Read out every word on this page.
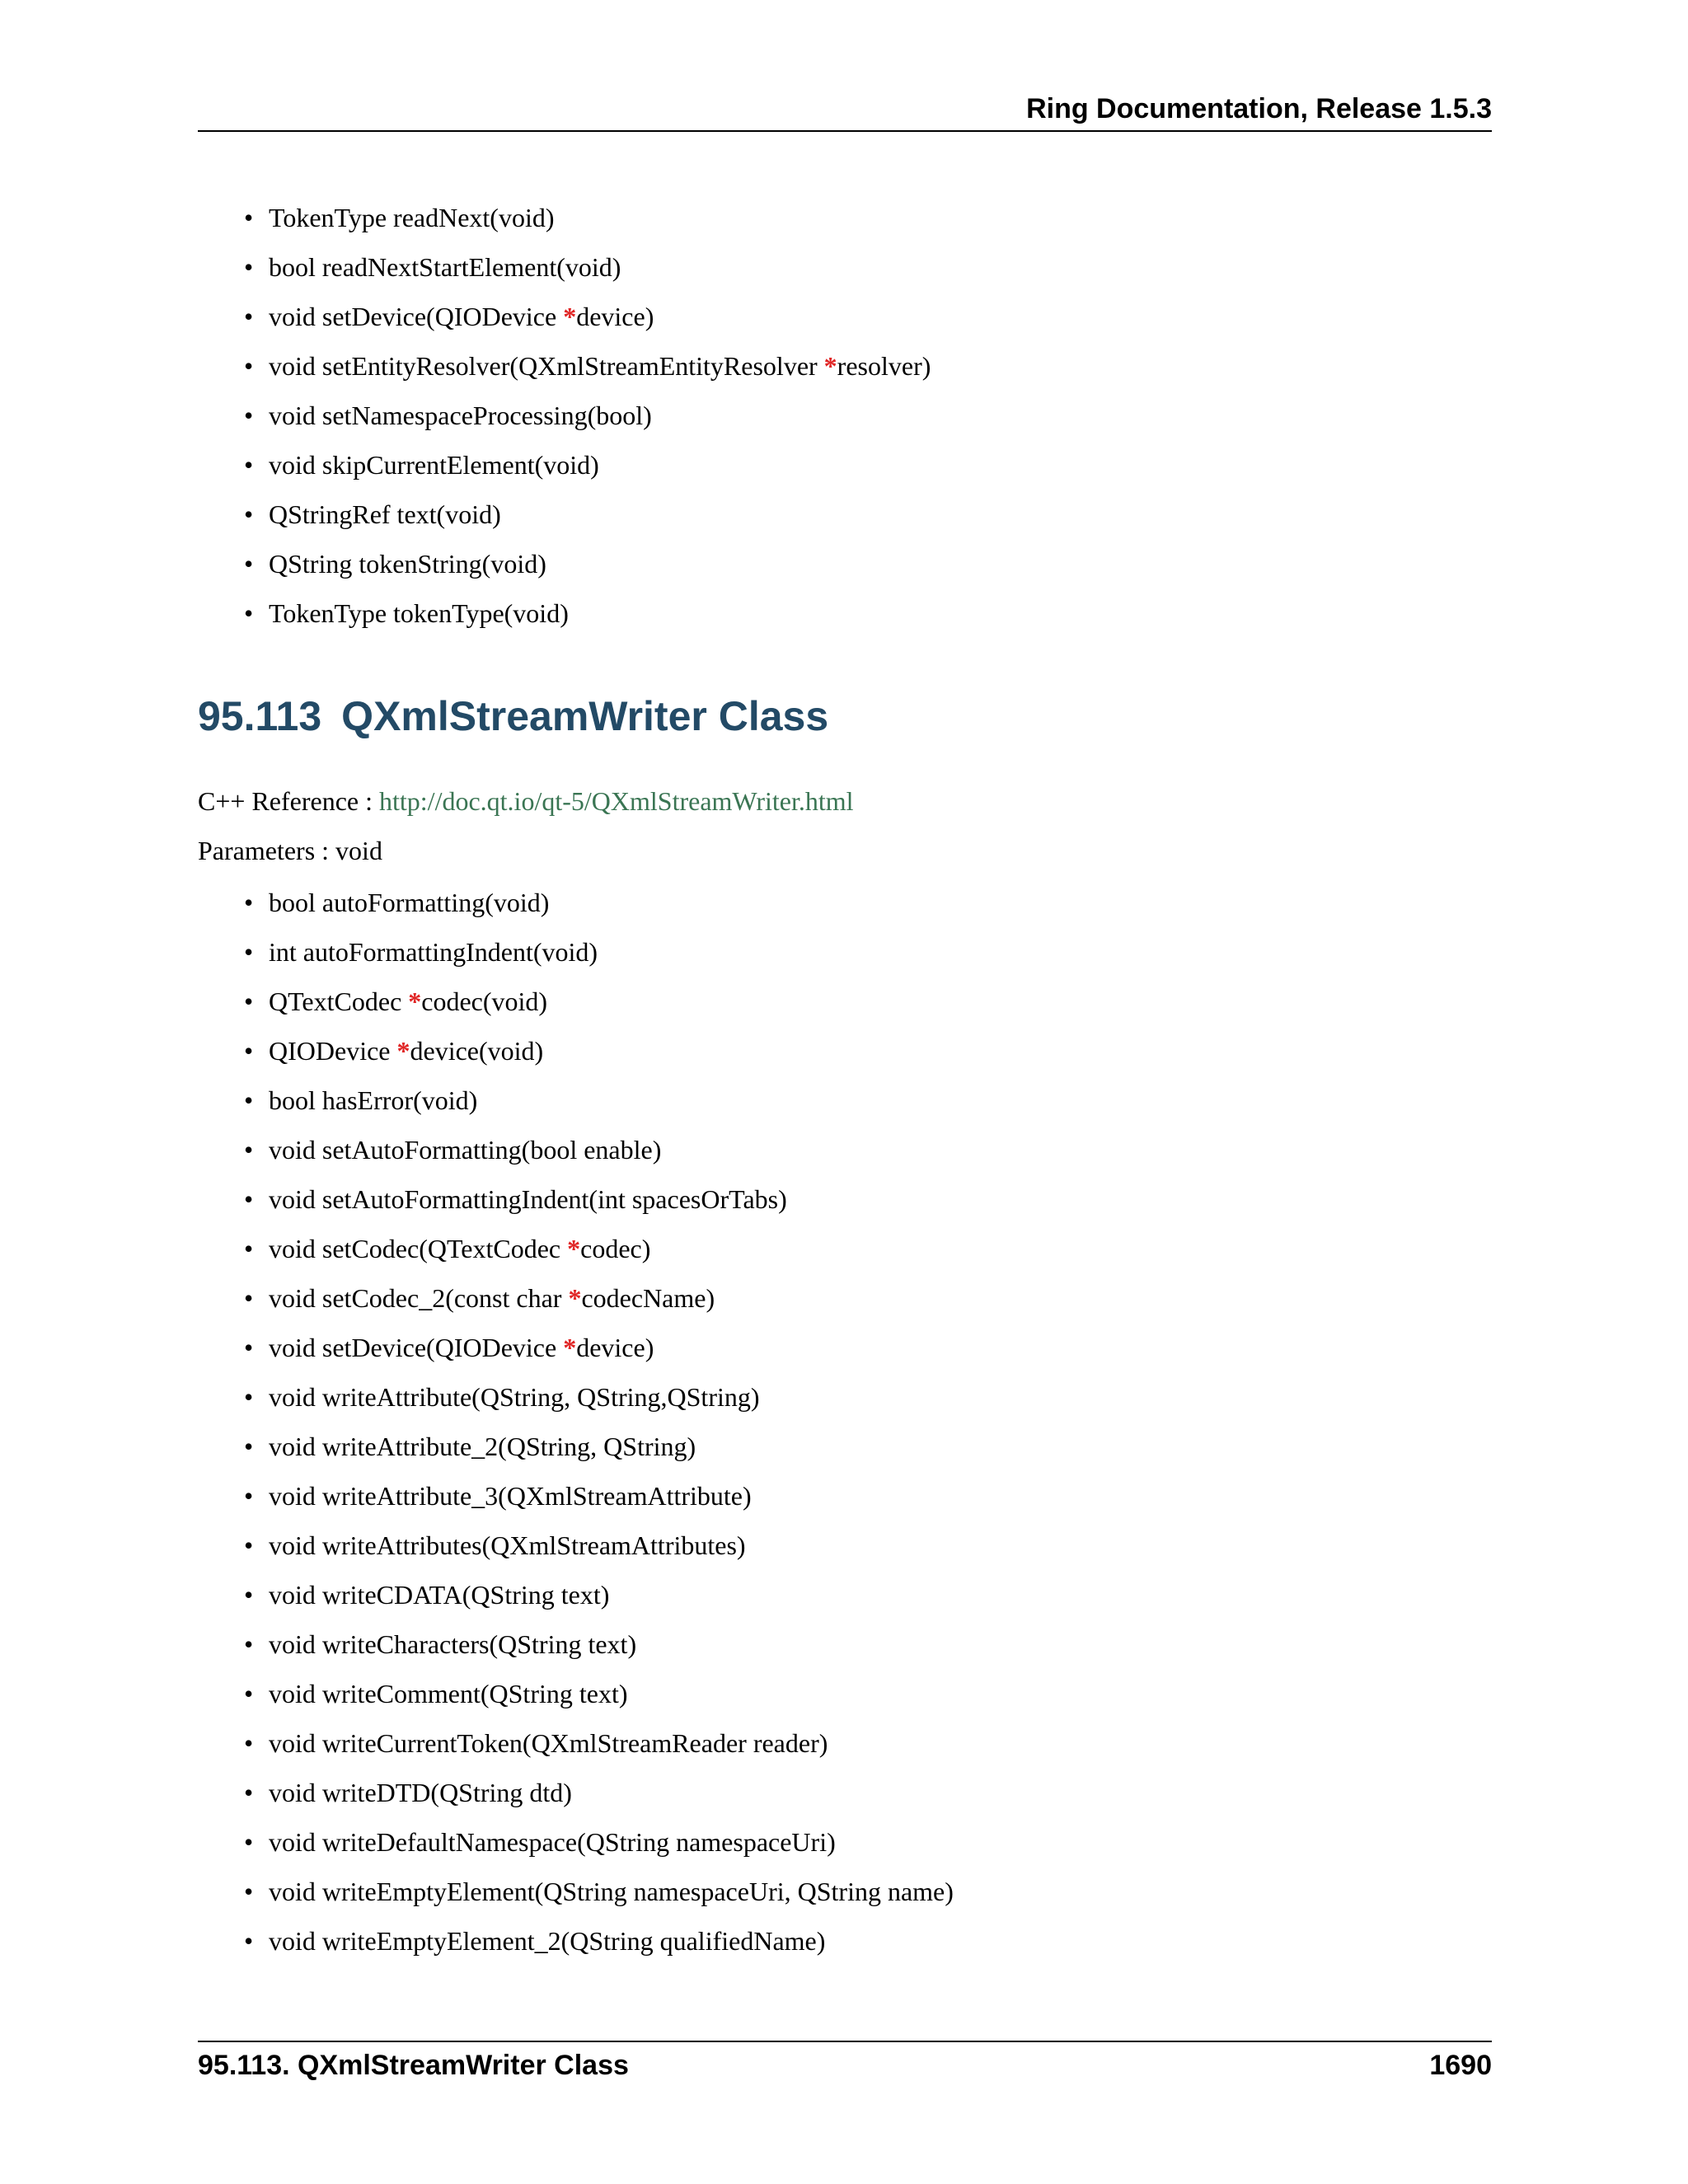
Ring Documentation, Release 1.5.3
• TokenType readNext(void)
• bool readNextStartElement(void)
• void setDevice(QIODevice *device)
• void setEntityResolver(QXmlStreamEntityResolver *resolver)
• void setNamespaceProcessing(bool)
• void skipCurrentElement(void)
• QStringRef text(void)
• QString tokenString(void)
• TokenType tokenType(void)
95.113 QXmlStreamWriter Class
C++ Reference : http://doc.qt.io/qt-5/QXmlStreamWriter.html
Parameters : void
• bool autoFormatting(void)
• int autoFormattingIndent(void)
• QTextCodec *codec(void)
• QIODevice *device(void)
• bool hasError(void)
• void setAutoFormatting(bool enable)
• void setAutoFormattingIndent(int spacesOrTabs)
• void setCodec(QTextCodec *codec)
• void setCodec_2(const char *codecName)
• void setDevice(QIODevice *device)
• void writeAttribute(QString, QString,QString)
• void writeAttribute_2(QString, QString)
• void writeAttribute_3(QXmlStreamAttribute)
• void writeAttributes(QXmlStreamAttributes)
• void writeCDATA(QString text)
• void writeCharacters(QString text)
• void writeComment(QString text)
• void writeCurrentToken(QXmlStreamReader reader)
• void writeDTD(QString dtd)
• void writeDefaultNamespace(QString namespaceUri)
• void writeEmptyElement(QString namespaceUri, QString name)
• void writeEmptyElement_2(QString qualifiedName)
95.113. QXmlStreamWriter Class	1690
